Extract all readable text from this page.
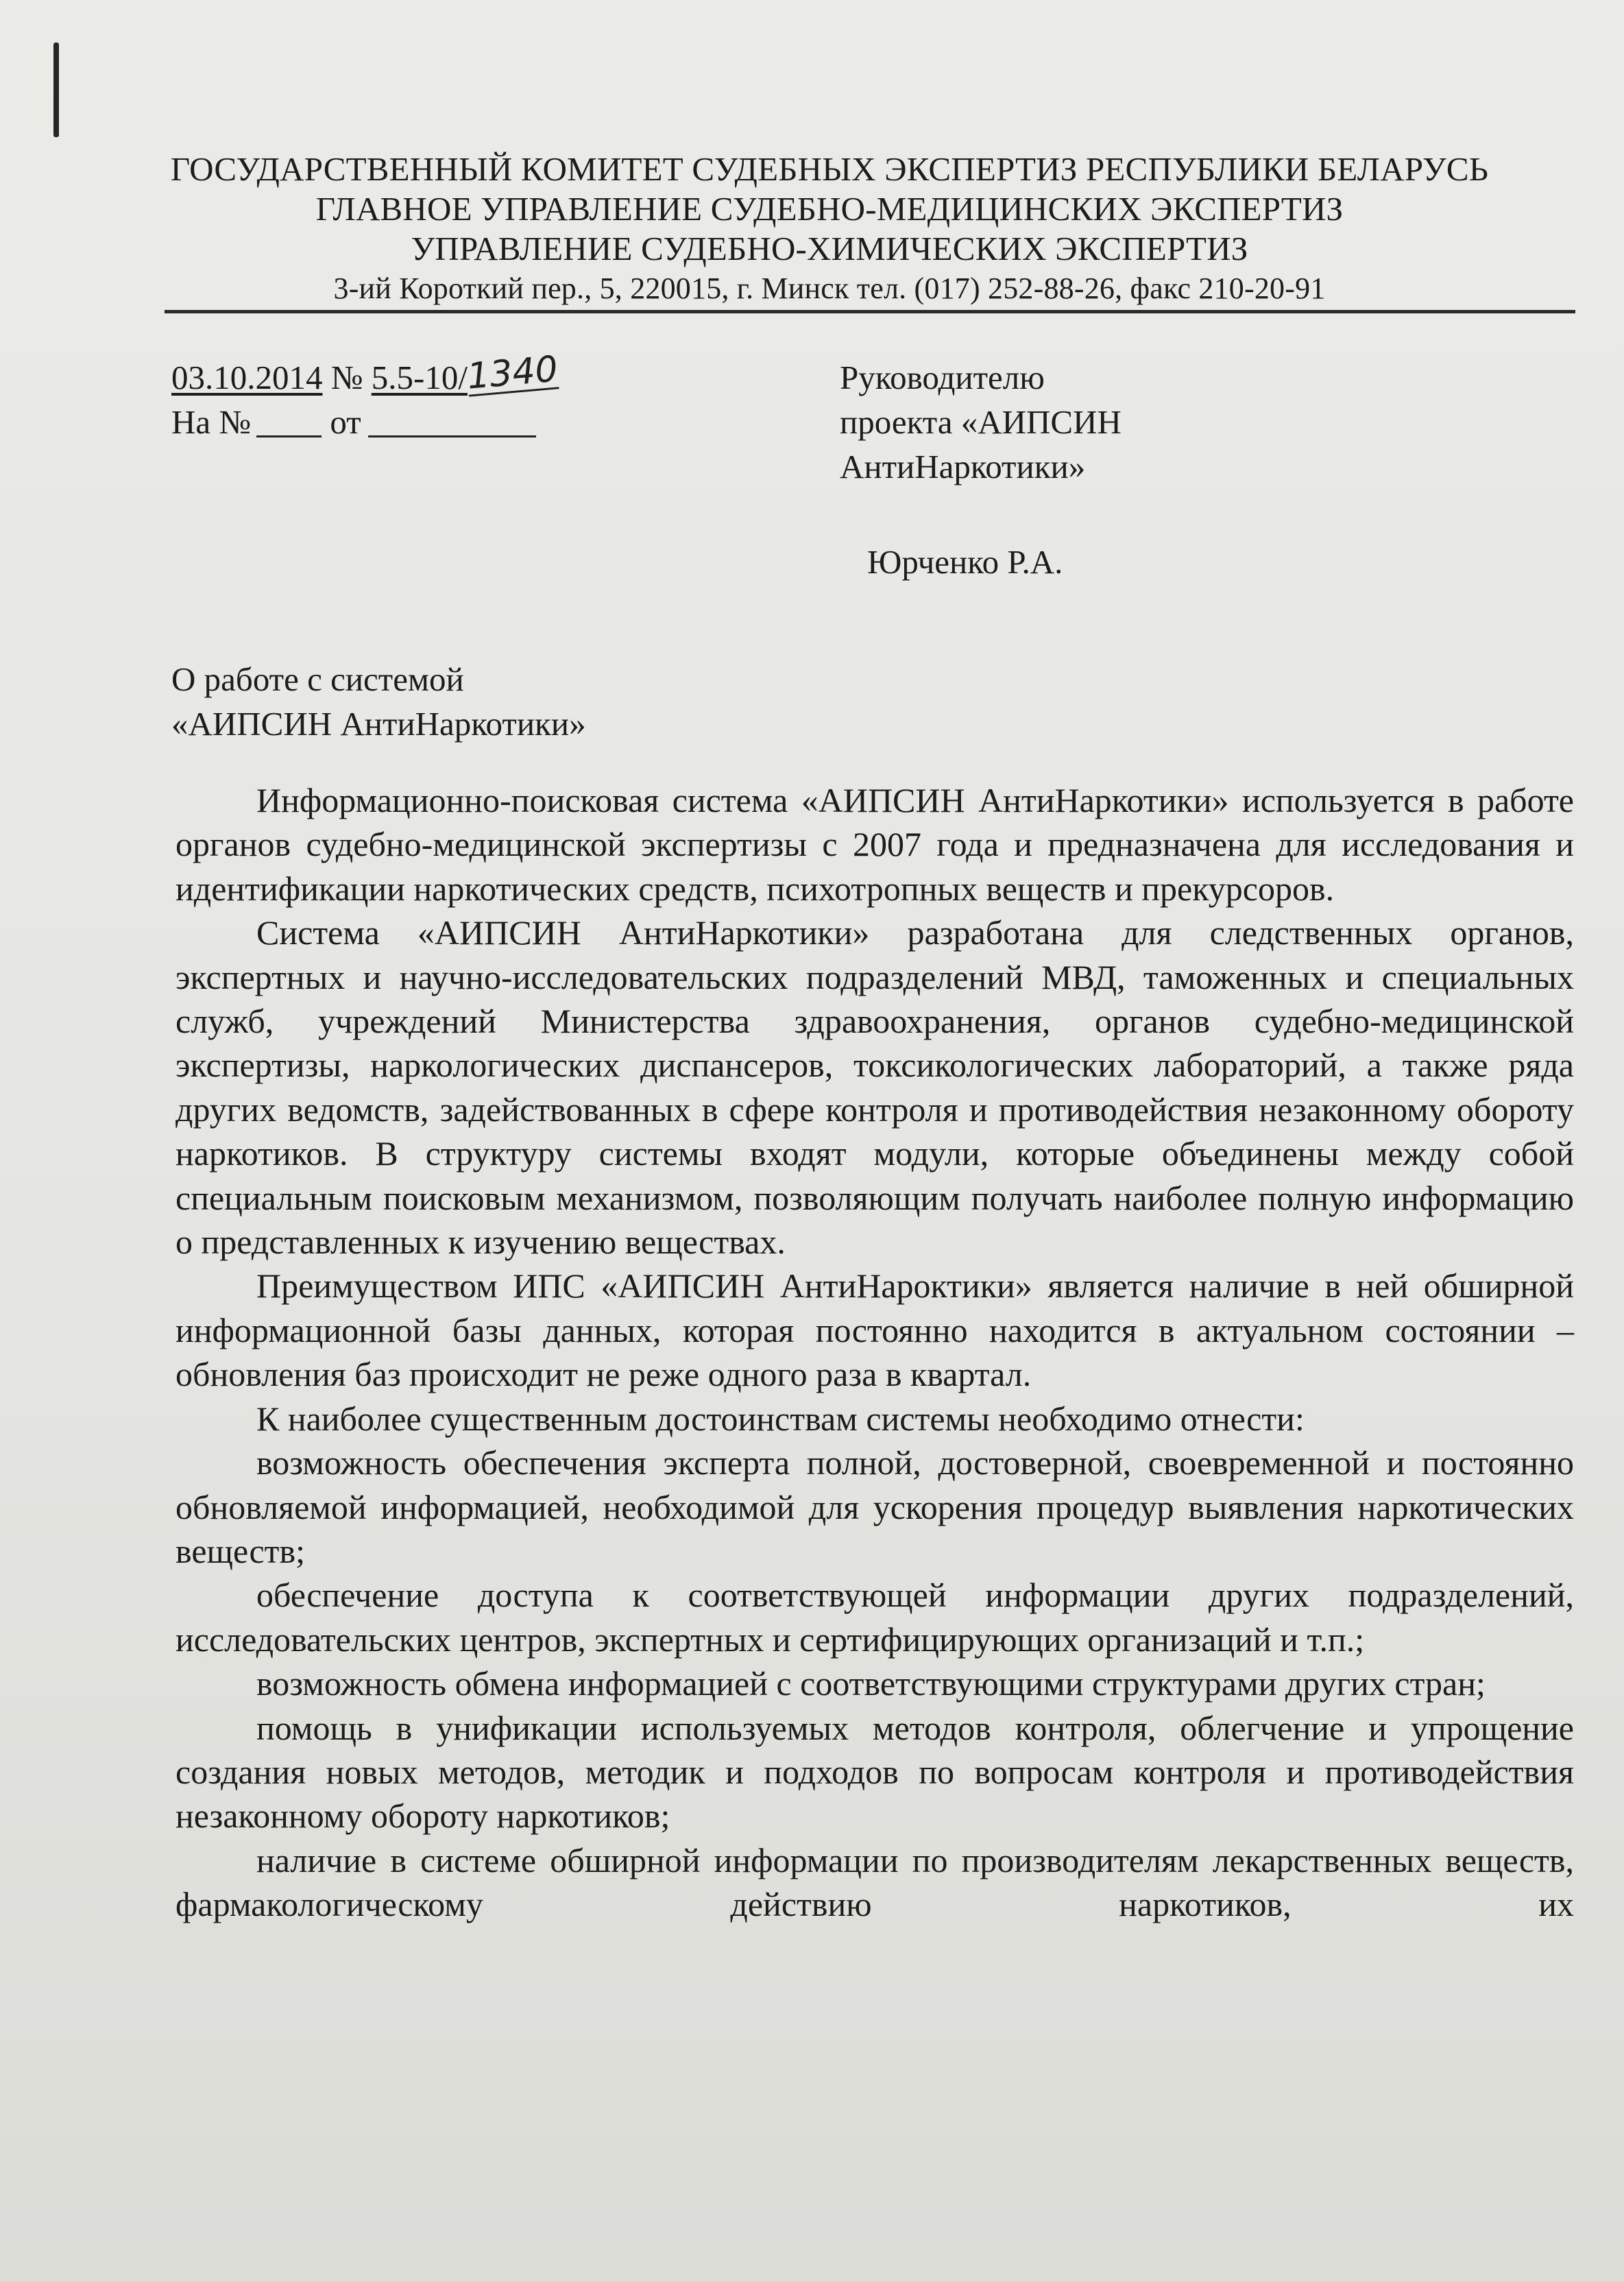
ГОСУДАРСТВЕННЫЙ КОМИТЕТ СУДЕБНЫХ ЭКСПЕРТИЗ РЕСПУБЛИКИ БЕЛАРУСЬ
ГЛАВНОЕ УПРАВЛЕНИЕ СУДЕБНО-МЕДИЦИНСКИХ ЭКСПЕРТИЗ
УПРАВЛЕНИЕ СУДЕБНО-ХИМИЧЕСКИХ ЭКСПЕРТИЗ
3-ий Короткий пер., 5, 220015, г. Минск тел. (017) 252-88-26, факс 210-20-91
03.10.2014 № 5.5-10/1340
На № от
Руководителю
проекта «АИПСИН
АнтиНаркотики»
Юрченко Р.А.
О работе с системой
«АИПСИН АнтиНаркотики»

Информационно-поисковая система «АИПСИН АнтиНаркотики» используется в работе органов судебно-медицинской экспертизы с 2007 года и предназначена для исследования и идентификации наркотических средств, психотропных веществ и прекурсоров.

Система «АИПСИН АнтиНаркотики» разработана для следственных органов, экспертных и научно-исследовательских подразделений МВД, таможенных и специальных служб, учреждений Министерства здравоохранения, органов судебно-медицинской экспертизы, наркологических диспансеров, токсикологических лабораторий, а также ряда других ведомств, задействованных в сфере контроля и противодействия незаконному обороту наркотиков. В структуру системы входят модули, которые объединены между собой специальным поисковым механизмом, позволяющим получать наиболее полную информацию о представленных к изучению веществах.

Преимуществом ИПС «АИПСИН АнтиНароктики» является наличие в ней обширной информационной базы данных, которая постоянно находится в актуальном состоянии – обновления баз происходит не реже одного раза в квартал.

К наиболее существенным достоинствам системы необходимо отнести:

возможность обеспечения эксперта полной, достоверной, своевременной и постоянно обновляемой информацией, необходимой для ускорения процедур выявления наркотических веществ;

обеспечение доступа к соответствующей информации других подразделений, исследовательских центров, экспертных и сертифицирующих организаций и т.п.;

возможность обмена информацией с соответствующими структурами других стран;

помощь в унификации используемых методов контроля, облегчение и упрощение создания новых методов, методик и подходов по вопросам контроля и противодействия незаконному обороту наркотиков;

наличие в системе обширной информации по производителям лекарственных веществ, фармакологическому действию наркотиков, их
